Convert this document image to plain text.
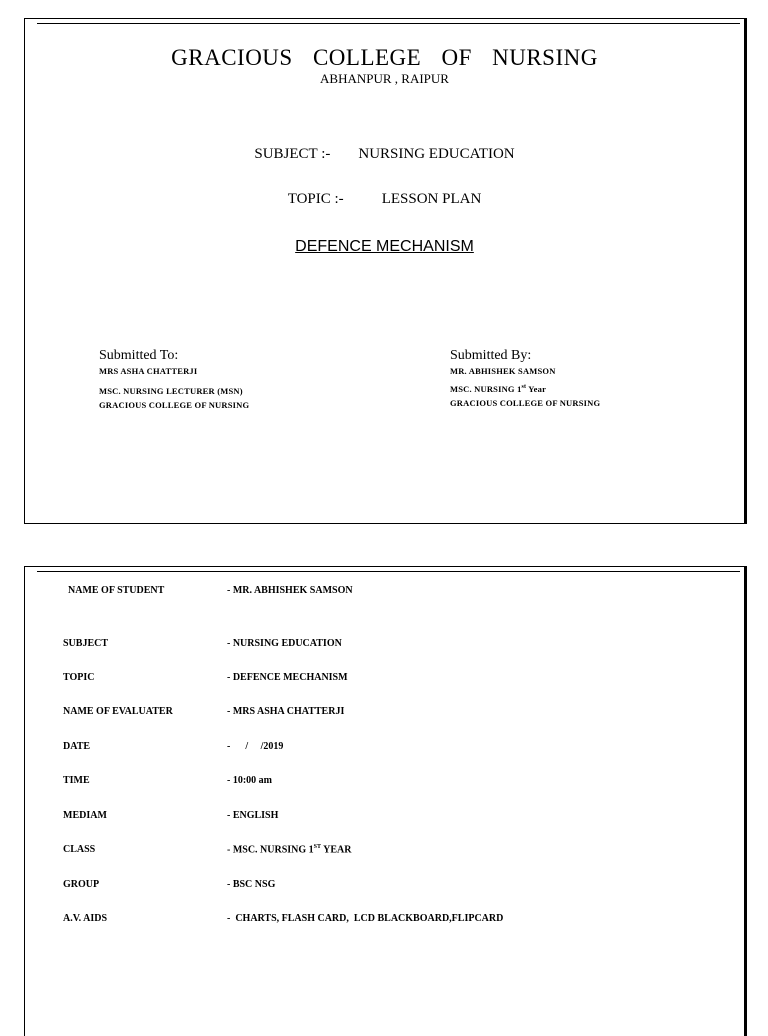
GRACIOUS COLLEGE OF NURSING
ABHANPUR , RAIPUR
SUBJECT :- NURSING EDUCATION
TOPIC :-	LESSON PLAN
DEFENCE MECHANISM
Submitted To:
MRS ASHA CHATTERJI
MSC. NURSING LECTURER (MSN)
GRACIOUS COLLEGE OF NURSING
Submitted By:
MR. ABHISHEK SAMSON
MSC. NURSING 1st Year
GRACIOUS COLLEGE OF NURSING
NAME OF STUDENT	- MR. ABHISHEK SAMSON
SUBJECT	- NURSING EDUCATION
TOPIC	- DEFENCE MECHANISM
NAME OF EVALUATER	- MRS ASHA CHATTERJI
DATE	-      /     /2019
TIME	- 10:00 am
MEDIAM	- ENGLISH
CLASS	- MSC. NURSING 1ST YEAR
GROUP	- BSC NSG
A.V. AIDS	-  CHARTS, FLASH CARD,  LCD BLACKBOARD,FLIPCARD
